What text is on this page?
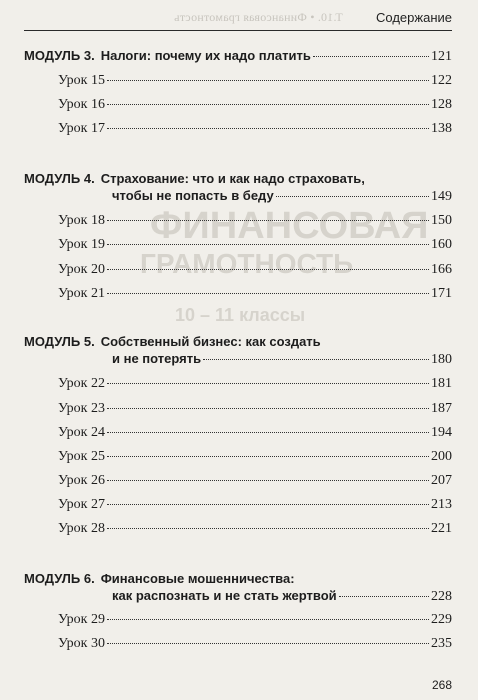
Т.10. • Финансовая грамотность	Содержание
ФИНАНСОВАЯ
ГРАМОТНОСТЬ
10 – 11 классы
МОДУЛЬ 3. Налоги: почему их надо платить	121
Урок 15	122
Урок 16	128
Урок 17	138
МОДУЛЬ 4. Страхование: что и как надо страховать,
чтобы не попасть в беду	149
Урок 18	150
Урок 19	160
Урок 20	166
Урок 21	171
МОДУЛЬ 5. Собственный бизнес: как создать
и не потерять	180
Урок 22	181
Урок 23	187
Урок 24	194
Урок 25	200
Урок 26	207
Урок 27	213
Урок 28	221
МОДУЛЬ 6. Финансовые мошенничества:
как распознать и не стать жертвой	228
Урок 29	229
Урок 30	235
268
